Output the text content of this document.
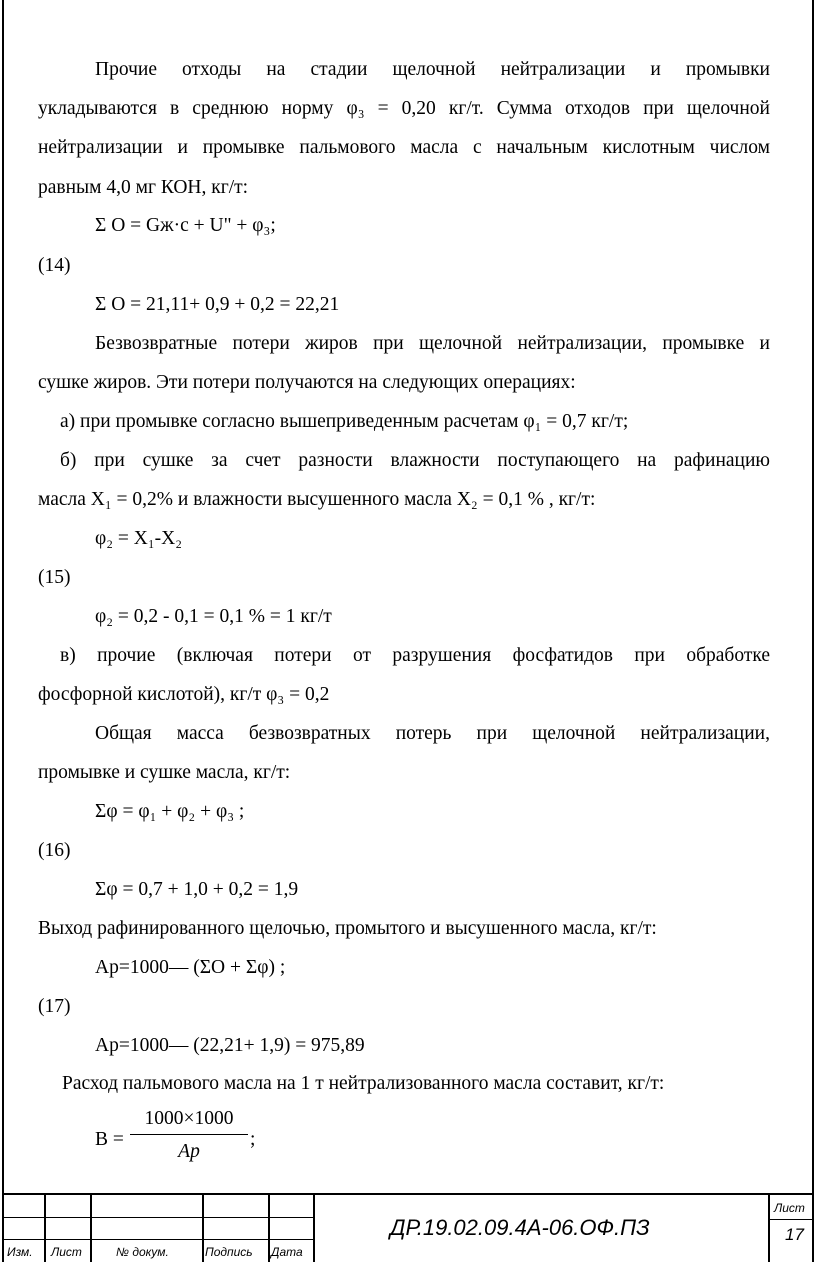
Прочие отходы на стадии щелочной нейтрализации и промывки
укладываются в среднюю норму φ₃ = 0,20 кг/т. Сумма отходов при щелочной
нейтрализации и промывке пальмового масла с начальным кислотным числом
равным 4,0 мг КОН, кг/т:
Σ O = Gж·с + U" + φ₃;
(14)
Σ O = 21,11+ 0,9 + 0,2 = 22,21
Безвозвратные потери жиров при щелочной нейтрализации, промывке и
сушке жиров. Эти потери получаются на следующих операциях:
а) при промывке согласно вышеприведенным расчетам φ₁ = 0,7 кг/т;
б) при сушке за счет разности влажности поступающего на рафинацию
масла X₁ = 0,2% и влажности высушенного масла X₂ = 0,1 % , кг/т:
φ₂ = X₁-X₂
(15)
φ₂ = 0,2 - 0,1 = 0,1 % = 1 кг/т
в) прочие (включая потери от разрушения фосфатидов при обработке
фосфорной кислотой), кг/т φ₃ = 0,2
Общая масса безвозвратных потерь при щелочной нейтрализации,
промывке и сушке масла, кг/т:
Σφ = φ₁ + φ₂ + φ₃ ;
(16)
Σφ = 0,7 + 1,0 + 0,2 = 1,9
Выход рафинированного щелочью, промытого и высушенного масла, кг/т:
Aр=1000— (ΣO + Σφ) ;
(17)
Aр=1000— (22,21+ 1,9) = 975,89
Расход пальмового масла на 1 т нейтрализованного масла составит, кг/т:
$B = \frac{1000\times 1000}{Ap}$ ;
Изм. Лист	№ докум.	Подпись Дата
ДР.19.02.09.4А-06.ОФ.ПЗ
Лист
17
